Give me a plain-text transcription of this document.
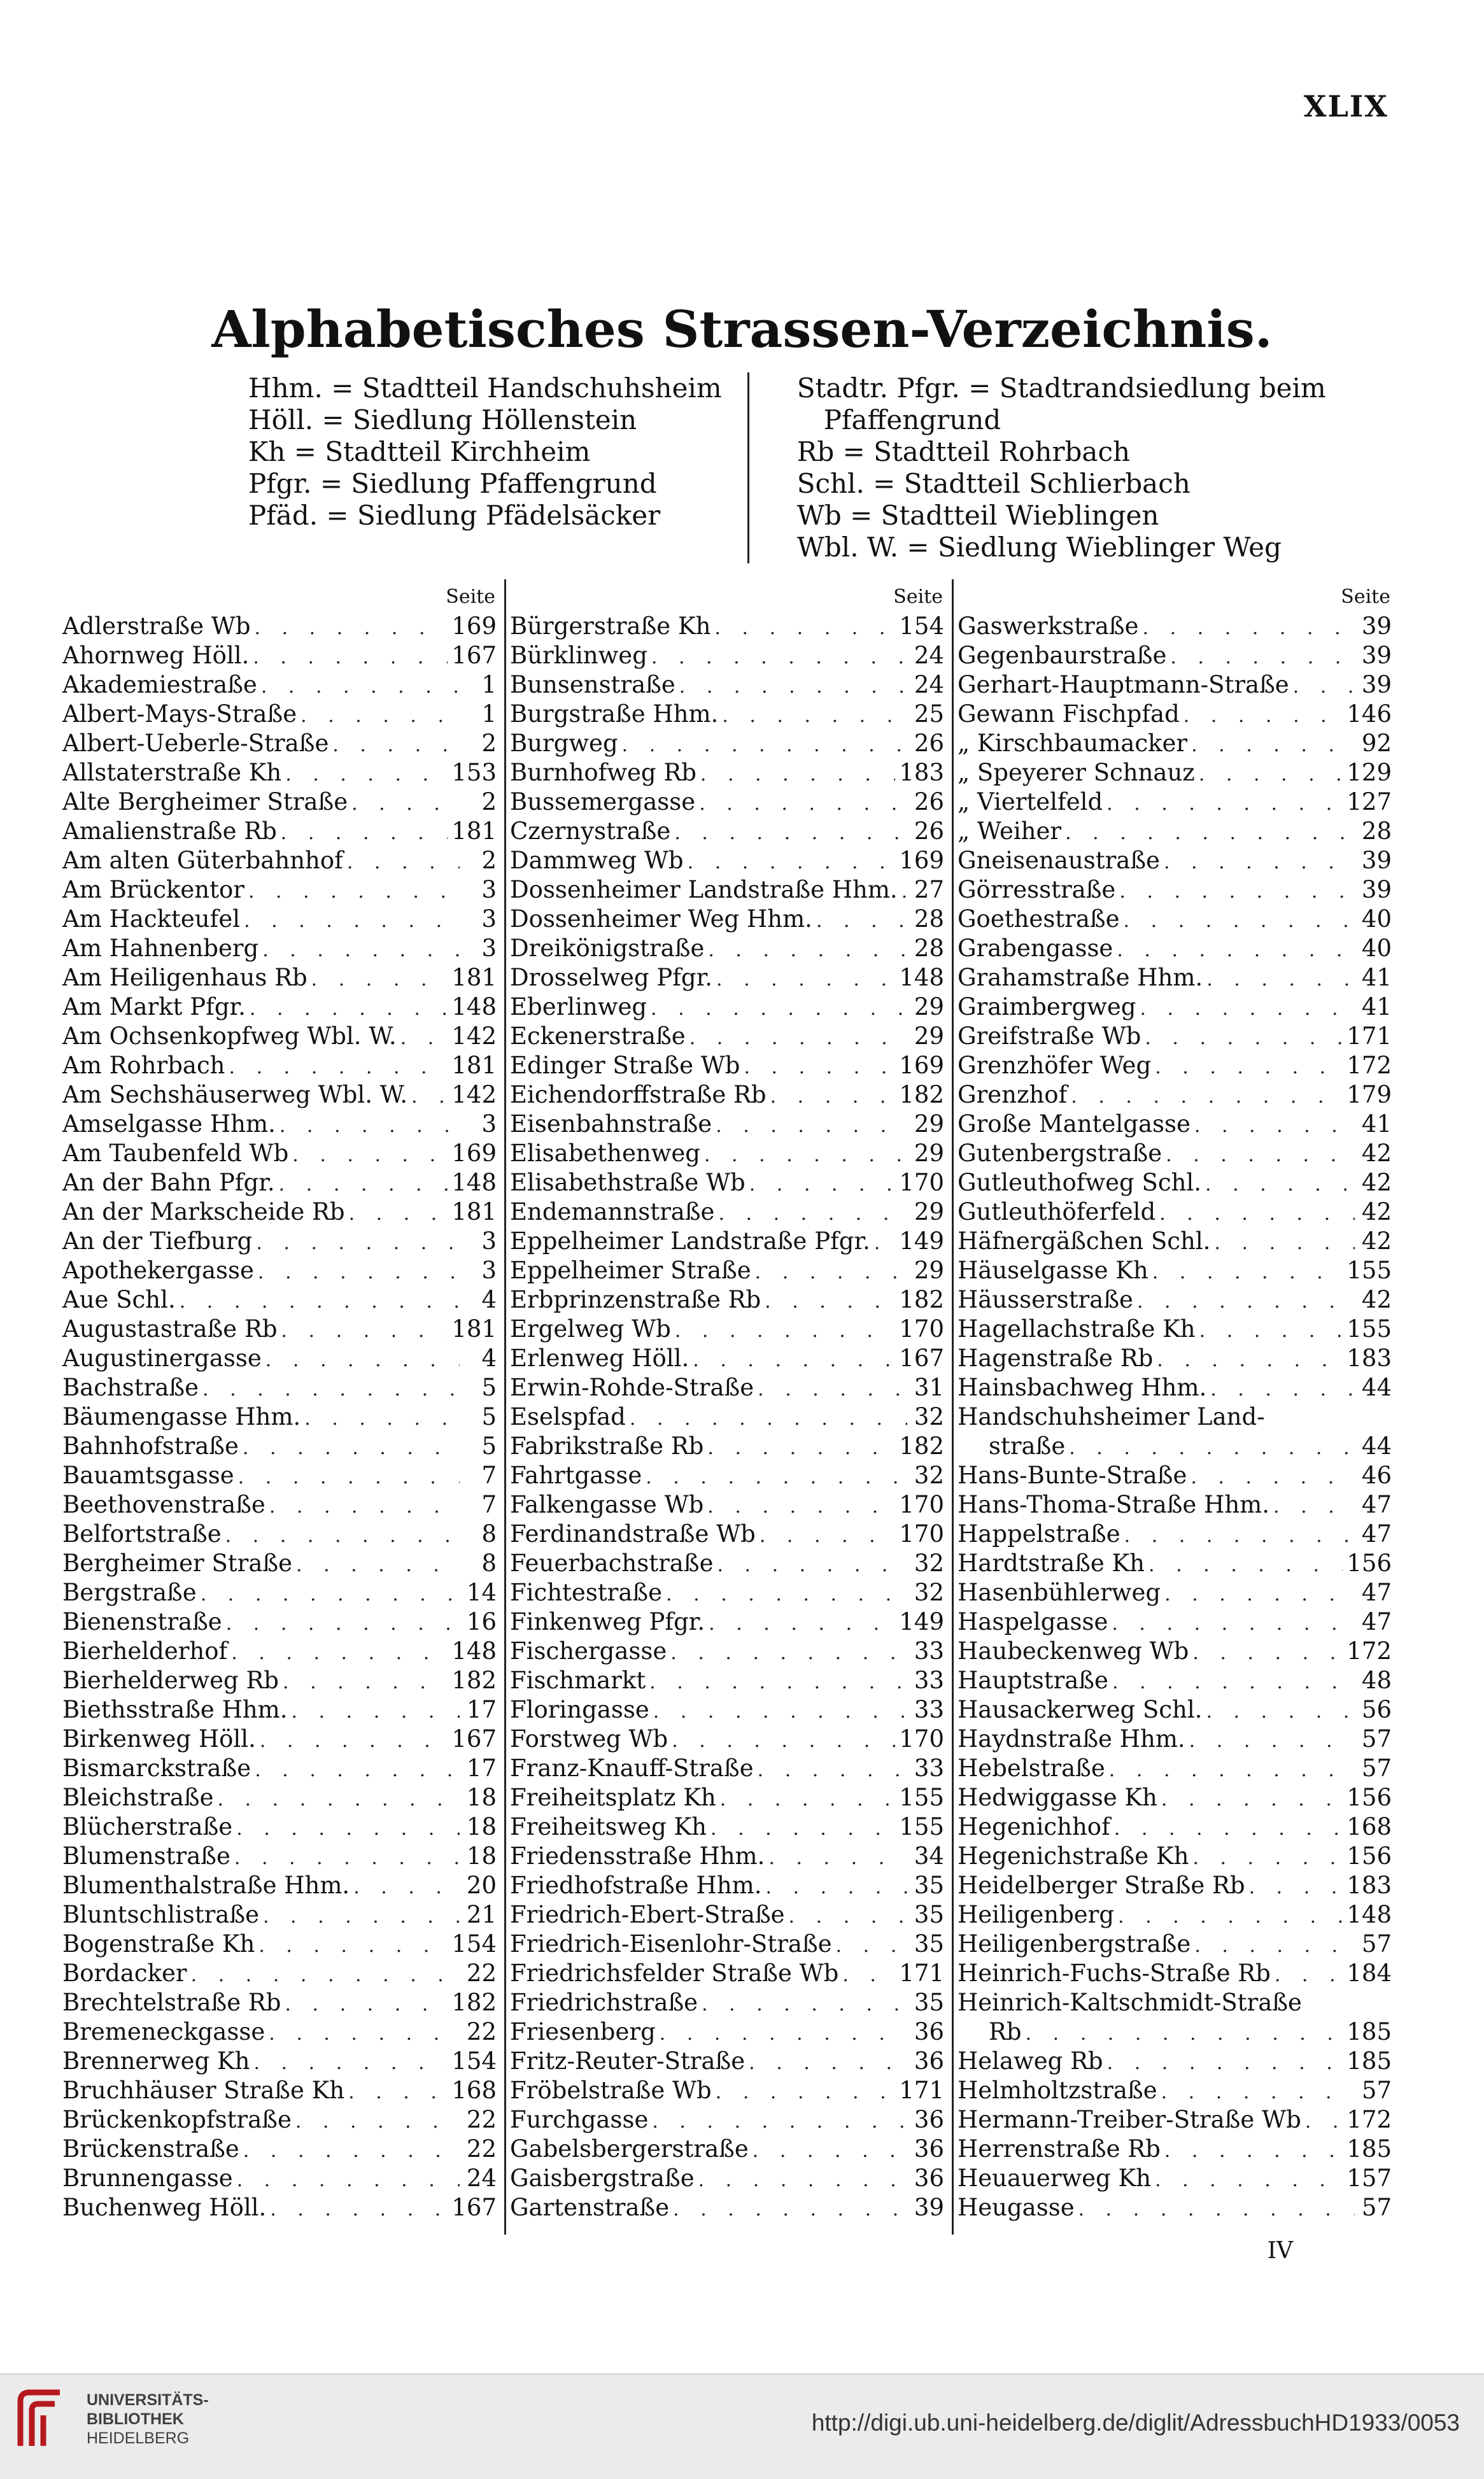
XLIX
Alphabetisches Strassen-Verzeichnis.
Hhm. = Stadtteil Handschuhsheim
Höll. = Siedlung Höllenstein
Kh = Stadtteil Kirchheim
Pfgr. = Siedlung Pfaffengrund
Pfäd. = Siedlung Pfädelsäcker
Stadtr. Pfgr. = Stadtrandsiedlung beim
Pfaffengrund
Rb = Stadtteil Rohrbach
Schl. = Stadtteil Schlierbach
Wb = Stadtteil Wieblingen
Wbl. W. = Siedlung Wieblinger Weg
Seite
Adlerstraße Wb . . .	169
Ahornweg Höll. . . .	167
Akademiestraße . . .	1
Albert-Mays-Straße . . .	1
Albert-Ueberle-Straße . . .	2
Allstaterstraße Kh . . .	153
Alte Bergheimer Straße . . .	2
Amalienstraße Rb . . .	181
Am alten Güterbahnhof . . .	2
Am Brückentor . . .	3
Am Hackteufel . . .	3
Am Hahnenberg . . .	3
Am Heiligenhaus Rb . . .	181
Am Markt Pfgr. . . .	148
Am Ochsenkopfweg Wbl. W. . . . 142
Am Rohrbach . . .	181
Am Sechshäuserweg Wbl. W. . . . 142
Amselgasse Hhm. . . .	3
Am Taubenfeld Wb . . .	169
An der Bahn Pfgr. . . .	148
An der Markscheide Rb . . .	181
An der Tiefburg . . .	3
Apothekergasse . . .	3
Aue Schl. . . .	4
Augustastraße Rb . . .	181
Augustinergasse . . .	4
Bachstraße . . .	5
Bäumengasse Hhm. . . .	5
Bahnhofstraße . . .	5
Bauamtsgasse . . .	7
Beethovenstraße . . .	7
Belfortstraße . . .	8
Bergheimer Straße . . .	8
Bergstraße . . .	14
Bienenstraße . . .	16
Bierhelderhof . . .	148
Bierhelderweg Rb . . .	182
Biethsstraße Hhm. . . .	17
Birkenweg Höll. . . .	167
Bismarckstraße . . .	17
Bleichstraße . . .	18
Blücherstraße . . .	18
Blumenstraße . . .	18
Blumenthalstraße Hhm. . . .	20
Bluntschlistraße . . .	21
Bogenstraße Kh . . .	154
Bordacker . . .	22
Brechtelstraße Rb . . .	182
Bremeneckgasse . . .	22
Brennerweg Kh . . .	154
Bruchhäuser Straße Kh . . .	168
Brückenkopfstraße . . .	22
Brückenstraße . . .	22
Brunnengasse . . .	24
Buchenweg Höll. . . .	167
Seite
Bürgerstraße Kh . . .	154
Bürklinweg . . .	24
Bunsenstraße . . .	24
Burgstraße Hhm. . . .	25
Burgweg . . .	26
Burnhofweg Rb . . .	183
Bussemergasse . . .	26
Czernystraße . . .	26
Dammweg Wb . . .	169
Dossenheimer Landstraße Hhm. . . . 27
Dossenheimer Weg Hhm. . . .	28
Dreikönigstraße . . .	28
Drosselweg Pfgr. . . .	148
Eberlinweg . . .	29
Eckenerstraße . . .	29
Edinger Straße Wb . . .	169
Eichendorffstraße Rb . . .	182
Eisenbahnstraße . . .	29
Elisabethenweg . . .	29
Elisabethstraße Wb . . .	170
Endemannstraße . . .	29
Eppelheimer Landstraße Pfgr. . . . 149
Eppelheimer Straße . . .	29
Erbprinzenstraße Rb . . .	182
Ergelweg Wb . . .	170
Erlenweg Höll. . . .	167
Erwin-Rohde-Straße . . .	31
Eselspfad . . .	32
Fabrikstraße Rb . . .	182
Fahrtgasse . . .	32
Falkengasse Wb . . .	170
Ferdinandstraße Wb . . .	170
Feuerbachstraße . . .	32
Fichtestraße . . .	32
Finkenweg Pfgr. . . .	149
Fischergasse . . .	33
Fischmarkt . . .	33
Floringasse . . .	33
Forstweg Wb . . .	170
Franz-Knauff-Straße . . .	33
Freiheitsplatz Kh . . .	155
Freiheitsweg Kh . . .	155
Friedensstraße Hhm. . . .	34
Friedhofstraße Hhm. . . .	35
Friedrich-Ebert-Straße . . .	35
Friedrich-Eisenlohr-Straße . . .	35
Friedrichsfelder Straße Wb . . .	171
Friedrichstraße . . .	35
Friesenberg . . .	36
Fritz-Reuter-Straße . . .	36
Fröbelstraße Wb . . .	171
Furchgasse . . .	36
Gabelsbergerstraße . . .	36
Gaisbergstraße . . .	36
Gartenstraße . . .	39
Seite
Gaswerkstraße . . .	39
Gegenbaurstraße . . .	39
Gerhart-Hauptmann-Straße . . .	39
Gewann Fischpfad . . .	146
„ Kirschbaumacker . . .	92
„ Speyerer Schnauz . . .	129
„ Viertelfeld . . .	127
„ Weiher . . .	28
Gneisenaustraße . . .	39
Görresstraße . . .	39
Goethestraße . . .	40
Grabengasse . . .	40
Grahamstraße Hhm. . . .	41
Graimbergweg . . .	41
Greifstraße Wb . . .	171
Grenzhöfer Weg . . .	172
Grenzhof . . .	179
Große Mantelgasse . . .	41
Gutenbergstraße . . .	42
Gutleuthofweg Schl. . . .	42
Gutleuthöferfeld . . .	42
Häfnergäßchen Schl. . . .	42
Häuselgasse Kh . . .	155
Häusserstraße . . .	42
Hagellachstraße Kh . . .	155
Hagenstraße Rb . . .	183
Hainsbachweg Hhm. . . .	44
Handschuhsheimer Land-
straße . . .	44
Hans-Bunte-Straße . . .	46
Hans-Thoma-Straße Hhm. . . .	47
Happelstraße . . .	47
Hardtstraße Kh . . .	156
Hasenbühlerweg . . .	47
Haspelgasse . . .	47
Haubeckenweg Wb . . .	172
Hauptstraße . . .	48
Hausackerweg Schl. . . .	56
Haydnstraße Hhm. . . .	57
Hebelstraße . . .	57
Hedwiggasse Kh . . .	156
Hegenichhof . . .	168
Hegenichstraße Kh . . .	156
Heidelberger Straße Rb . . .	183
Heiligenberg . . .	148
Heiligenbergstraße . . .	57
Heinrich-Fuchs-Straße Rb . . .	184
Heinrich-Kaltschmidt-Straße
Rb . . .	185
Helaweg Rb . . .	185
Helmholtzstraße . . .	57
Hermann-Treiber-Straße Wb . . . 172
Herrenstraße Rb . . .	185
Heuauerweg Kh . . .	157
Heugasse . . .	57
IV
UNIVERSITÄTS-
BIBLIOTHEK
HEIDELBERG
http://digi.ub.uni-heidelberg.de/diglit/AdressbuchHD1933/0053
